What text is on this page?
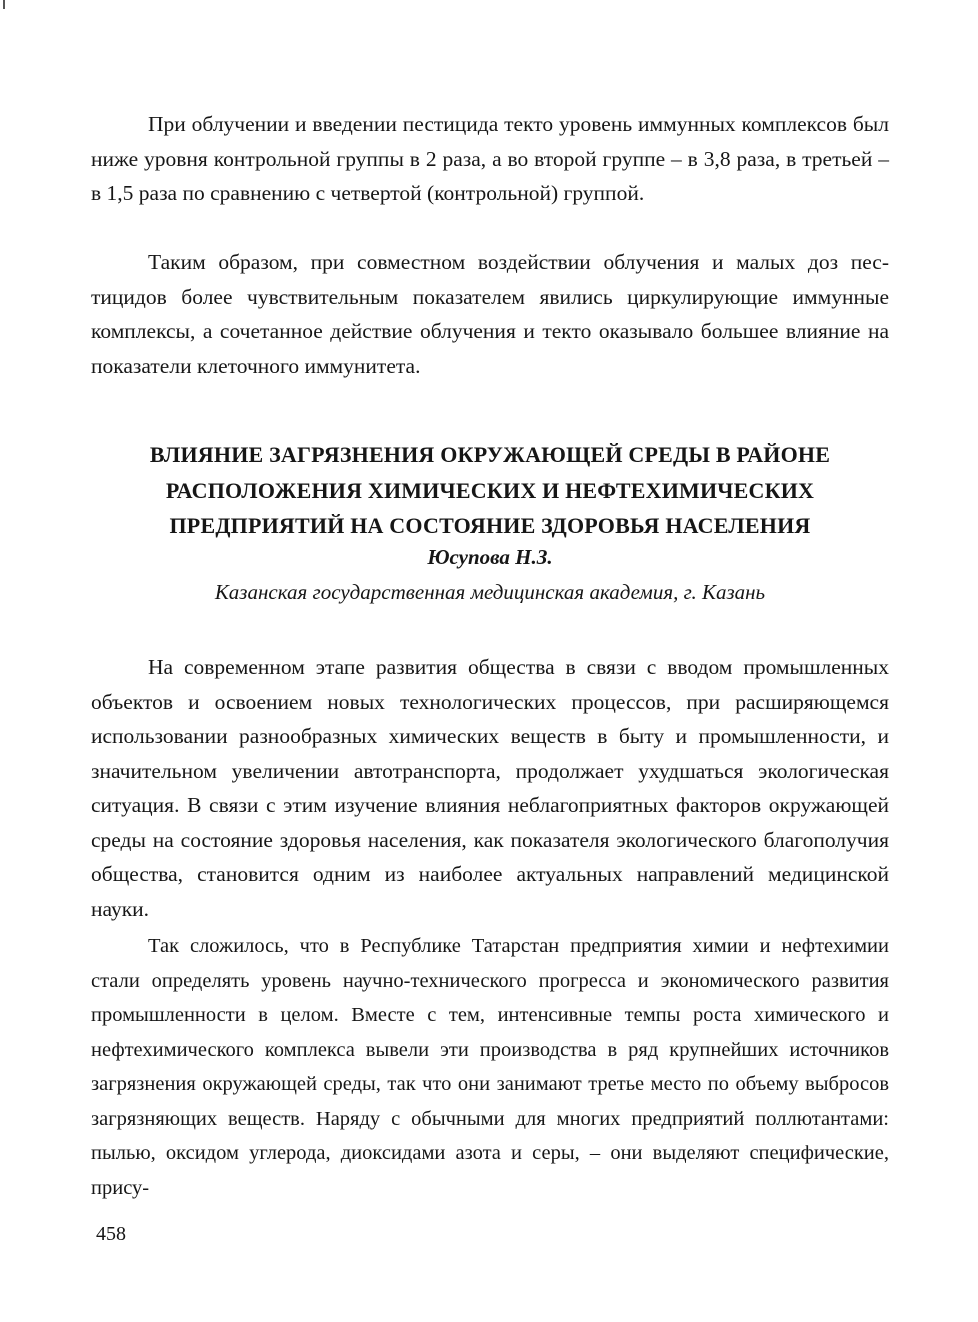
При облучении и введении пестицида текто уровень иммунных комплексов был ниже уровня контрольной группы в 2 раза, а во второй группе – в 3,8 раза, в третьей – в 1,5 раза по сравнению с четвертой (контрольной) группой.

Таким образом, при совместном воздействии облучения и малых доз пестицидов более чувствительным показателем явились циркулирующие иммунные комплексы, а сочетанное действие облучения и текто оказывало большее влияние на показатели клеточного иммунитета.

ВЛИЯНИЕ ЗАГРЯЗНЕНИЯ ОКРУЖАЮЩЕЙ СРЕДЫ В РАЙОНЕ
РАСПОЛОЖЕНИЯ ХИМИЧЕСКИХ И НЕФТЕХИМИЧЕСКИХ
ПРЕДПРИЯТИЙ НА СОСТОЯНИЕ ЗДОРОВЬЯ НАСЕЛЕНИЯ

Юсупова Н.З.

Казанская государственная медицинская академия, г. Казань

На современном этапе развития общества в связи с вводом промышленных объектов и освоением новых технологических процессов, при расширяющемся использовании разнообразных химических веществ в быту и промышленности, и значительном увеличении автотранспорта, продолжает ухудшаться экологическая ситуация. В связи с этим изучение влияния неблагоприятных факторов окружающей среды на состояние здоровья населения, как показателя экологического благополучия общества, становится одним из наиболее актуальных направлений медицинской науки.

Так сложилось, что в Республике Татарстан предприятия химии и нефтехимии стали определять уровень научно-технического прогресса и экономического развития промышленности в целом. Вместе с тем, интенсивные темпы роста химического и нефтехимического комплекса вывели эти производства в ряд крупнейших источников загрязнения окружающей среды, так что они занимают третье место по объему выбросов загрязняющих веществ. Наряду с обычными для многих предприятий поллютантами: пылью, оксидом углерода, диоксидами азота и серы, – они выделяют специфические, прису-

458
